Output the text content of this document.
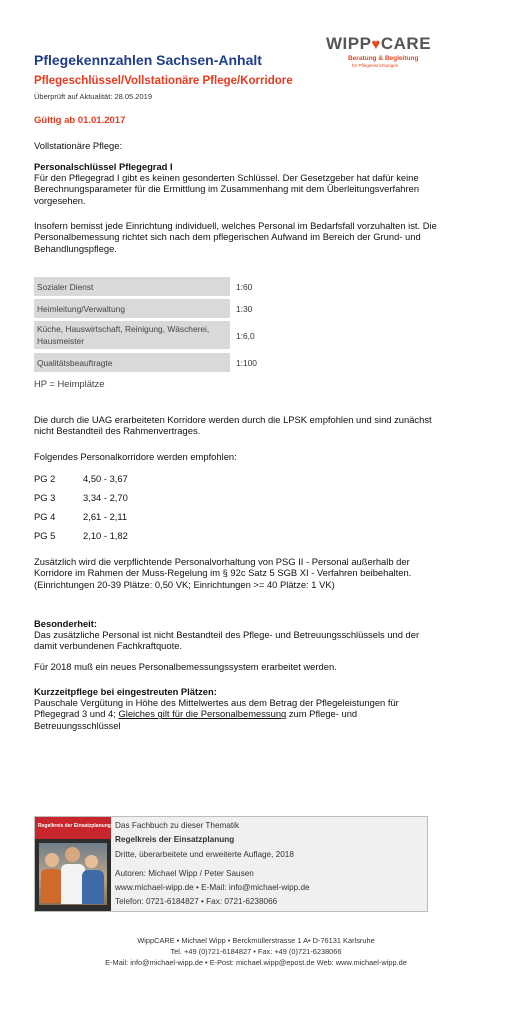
WIPP♥CARE
Beratung & Begleitung
für Pflegeeinrichtungen
Pflegekennzahlen Sachsen-Anhalt
Pflegeschlüssel/Vollstationäre Pflege/Korridore
Überprüft auf Aktualität: 28.05.2019
Gültig ab 01.01.2017
Vollstationäre Pflege:
Personalschlüssel Pflegegrad I
Für den Pflegegrad I gibt es keinen gesonderten Schlüssel. Der Gesetzgeber hat dafür keine Berechnungsparameter für die Ermittlung im Zusammenhang mit dem Überleitungsverfahren vorgesehen.
Insofern bemisst jede Einrichtung individuell, welches Personal im Bedarfsfall vorzuhalten ist. Die Personalbemessung richtet sich nach dem pflegerischen Aufwand im Bereich der Grund- und Behandlungspflege.
Sozialer Dienst	1:60
Heimleitung/Verwaltung	1:30
Küche, Hauswirtschaft, Reinigung, Wäscherei, Hausmeister	1:6,0
Qualitätsbeauftragte	1:100
HP = Heimplätze
Die durch die UAG erarbeiteten Korridore werden durch die LPSK empfohlen und sind zunächst nicht Bestandteil des Rahmenvertrages.
Folgendes Personalkorridore werden empfohlen:
PG 2	4,50 - 3,67
PG 3	3,34 - 2,70
PG 4	2,61 - 2,11
PG 5	2,10 - 1,82
Zusätzlich wird die verpflichtende Personalvorhaltung von PSG II - Personal außerhalb der Korridore im Rahmen der Muss-Regelung im § 92c Satz 5 SGB XI - Verfahren beibehalten. (Einrichtungen 20-39 Plätze: 0,50 VK; Einrichtungen >= 40 Plätze: 1 VK)
Besonderheit:
Das zusätzliche Personal ist nicht Bestandteil des Pflege- und Betreuungsschlüssels und der damit verbundenen Fachkraftquote.
Für 2018 muß ein neues Personalbemessungssystem erarbeitet werden.
Kurzzeitpflege bei eingestreuten Plätzen:
Pauschale Vergütung in Höhe des Mittelwertes aus dem Betrag der Pflegeleistungen für Pflegegrad 3 und 4; Gleiches gilt für die Personalbemessung zum Pflege- und Betreuungsschlüssel
Regelkreis der Einsatzplanung Das Fachbuch zu dieser Thematik
Regelkreis der Einsatzplanung
Dritte, überarbeitete und erweiterte Auflage, 2018
Autoren: Michael Wipp / Peter Sausen
www.michael-wipp.de • E-Mail: info@michael-wipp.de
Telefon: 0721-6184827 • Fax: 0721-6238066
WippCARE • Michael Wipp • Berckmüllerstrasse 1 A• D-76131 Karlsruhe
Tel. +49 (0)721-6184827 • Fax: +49 (0)721-6238066
E-Mail: info@michael-wipp.de • E-Post: michael.wipp@epost.de Web: www.michael-wipp.de
